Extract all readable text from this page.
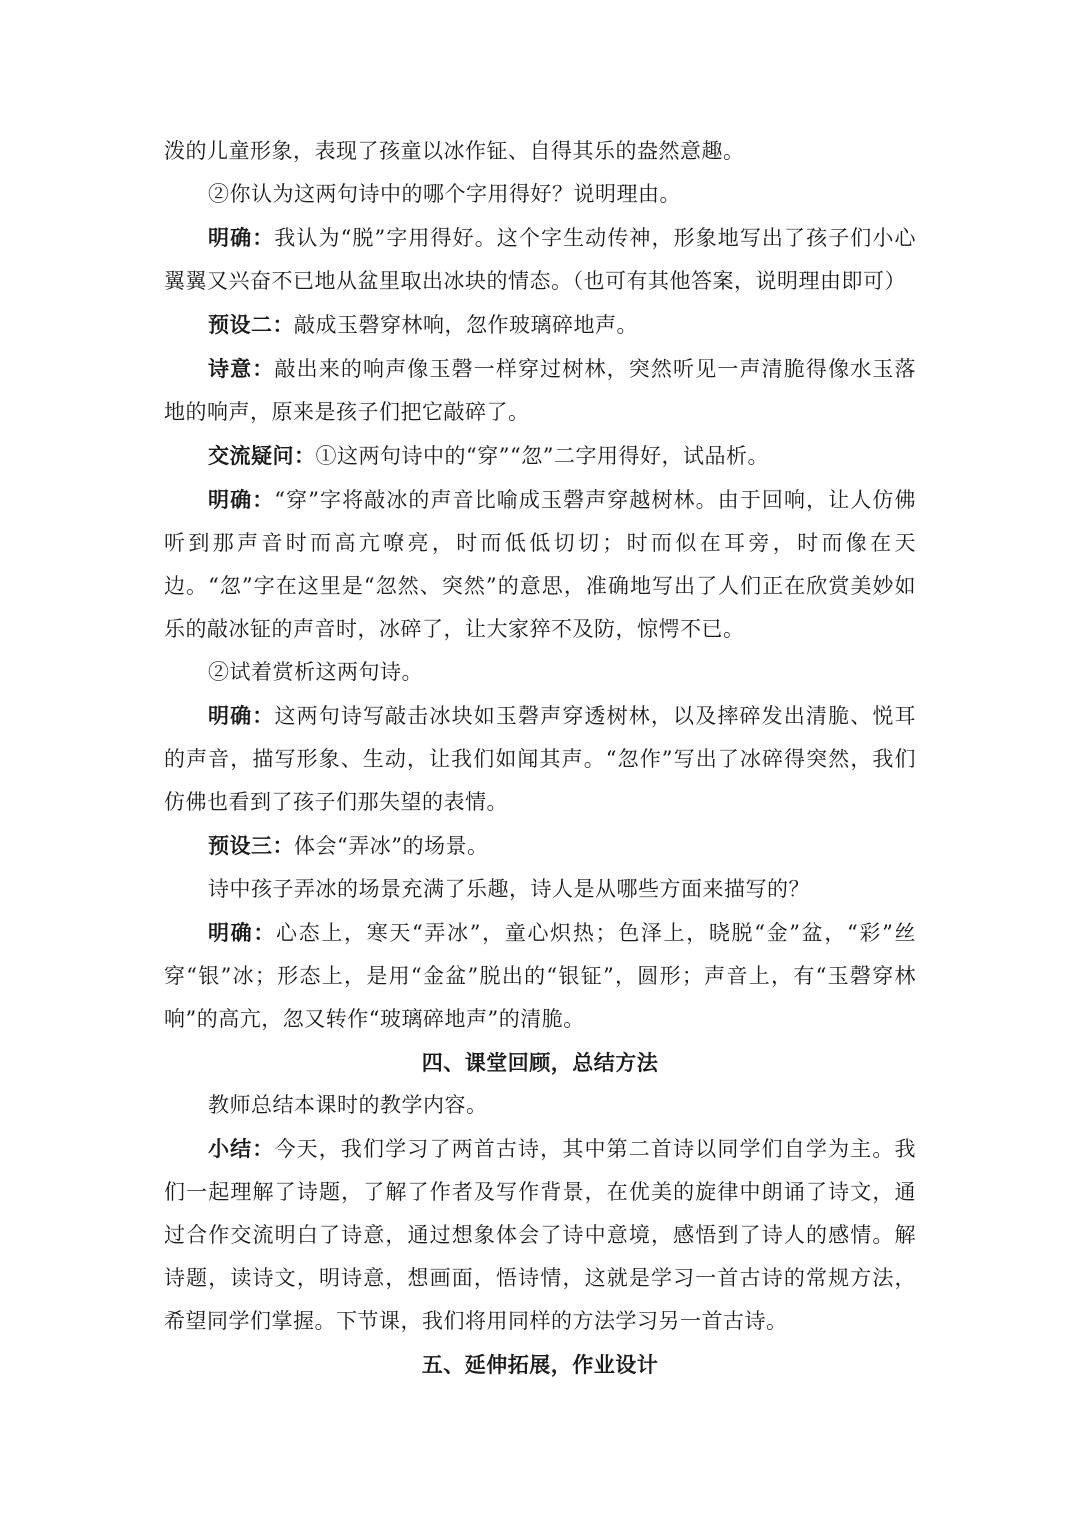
泼的儿童形象，表现了孩童以冰作钲、自得其乐的盎然意趣。

②你认为这两句诗中的哪个字用得好？说明理由。

明确：我认为“脱”字用得好。这个字生动传神，形象地写出了孩子们小心翼翼又兴奋不已地从盆里取出冰块的情态。（也可有其他答案，说明理由即可）

预设二：敲成玉磬穿林响，忽作玻璃碎地声。

诗意：敲出来的响声像玉磬一样穿过树林，突然听见一声清脆得像水玉落地的响声，原来是孩子们把它敲碎了。

交流疑问：①这两句诗中的“穿”“忽”二字用得好，试品析。

明确：“穿”字将敲冰的声音比喻成玉磬声穿越树林。由于回响，让人仿佛听到那声音时而高亢嘹亮，时而低低切切；时而似在耳旁，时而像在天边。“忽”字在这里是“忽然、突然”的意思，准确地写出了人们正在欣赏美妙如乐的敲冰钲的声音时，冰碎了，让大家猝不及防，惊愕不已。

②试着赏析这两句诗。

明确：这两句诗写敲击冰块如玉磬声穿透树林，以及摔碎发出清脆、悦耳的声音，描写形象、生动，让我们如闻其声。“忽作”写出了冰碎得突然，我们仿佛也看到了孩子们那失望的表情。

预设三：体会“弄冰”的场景。

诗中孩子弄冰的场景充满了乐趣，诗人是从哪些方面来描写的？

明确：心态上，寒天“弄冰”，童心炽热；色泽上，晓脱“金”盆，“彩”丝穿“银”冰；形态上，是用“金盆”脱出的“银钲”，圆形；声音上，有“玉磬穿林响”的高亢，忽又转作“玻璃碎地声”的清脆。

四、课堂回顾，总结方法

教师总结本课时的教学内容。

小结：今天，我们学习了两首古诗，其中第二首诗以同学们自学为主。我们一起理解了诗题，了解了作者及写作背景，在优美的旋律中朗诵了诗文，通过合作交流明白了诗意，通过想象体会了诗中意境，感悟到了诗人的感情。解诗题，读诗文，明诗意，想画面，悟诗情，这就是学习一首古诗的常规方法，希望同学们掌握。下节课，我们将用同样的方法学习另一首古诗。

五、延伸拓展，作业设计
